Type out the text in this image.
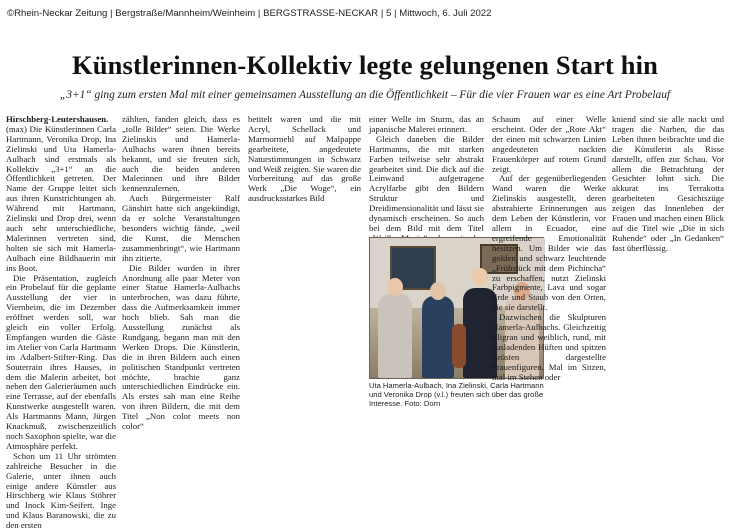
©Rhein-Neckar Zeitung | Bergstraße/Mannheim/Weinheim | BERGSTRASSE-NECKAR | 5 | Mittwoch, 6. Juli 2022
Künstlerinnen-Kollektiv legte gelungenen Start hin
„3+1“ ging zum ersten Mal mit einer gemeinsamen Ausstellung an die Öffentlichkeit – Für die vier Frauen war es eine Art Probelauf

Hirschberg-Leutershausen. (max) Die Künstlerinnen Carla Hartmann, Veronika Drop, Ina Zielinski und Uta Hamerla-Aulbach sind erstmals als Kollektiv „3+1“ an die Öffentlichkeit getreten. Der Name der Gruppe leitet sich aus ihren Kunstrichtungen ab. Während mit Hartmann, Zielinski und Drop drei, wenn auch sehr unterschiedliche, Malerinnen vertreten sind, holten sie sich mit Hamerla-Aulbach eine Bildhauerin mit ins Boot.

Die Präsentation, zugleich ein Probelauf für die geplante Ausstellung der vier in Viernheim, die im Dezember eröffnet werden soll, war gleich ein voller Erfolg. Empfangen wurden die Gäste im Atelier von Carla Hartmann im Adalbert-Stifter-Ring. Das Souterrain ihres Hauses, in dem die Malerin arbeitet, bot neben den Galerieräumen auch eine Terrasse, auf der ebenfalls Kunstwerke ausgestellt waren. Als Hartmanns Mann, Jürgen Knackmuß, zwischenzeitlich noch Saxophon spielte, war die Atmosphäre perfekt.

Schon um 11 Uhr strömten zahlreiche Besucher in die Galerie, unter ihnen auch einige andere Künstler aus Hirschberg wie Klaus Stöhrer und Inock Kim-Seifert. Inge und Klaus Baranowski, die zu den ersten

zählten, fanden gleich, dass es „tolle Bilder“ seien. Die Werke Zielinskis und Hamerla-Aulbachs waren ihnen bereits bekannt, und sie freuten sich, auch die beiden anderen Malerinnen und ihre Bilder kennenzulernen.

Auch Bürgermeister Ralf Gänshirt hatte sich angekündigt, da er solche Veranstaltungen besonders wichtig fände, „weil die Kunst, die Menschen zusammenbringt“, wie Hartmann ihn zitierte.

Die Bilder wurden in ihrer Anordnung alle paar Meter von einer Statue Hamerla-Aulbachs unterbrochen, was dazu führte, dass die Aufmerksamkeit immer hoch blieb. Sah man die Ausstellung zunächst als Rundgang, begann man mit den Werken Drops. Die Künstlerin, die in ihren Bildern auch einen politischen Standpunkt vertreten möchte, brachte ganz unterschiedlichen Eindrücke ein. Als erstes sah man eine Reihe von ihren Bildern, die mit dem Titel „Non color meets non color“

betitelt waren und die mit Acryl, Schellack und Marmormehl auf Malpappe gearbeitete, angedeutete Naturstimmungen in Schwarz und Weiß zeigten. Sie waren die Vorbereitung auf das große Werk „Die Woge“, ein ausdrucksstarkes Bild

einer Welle im Sturm, das an japanische Malerei erinnert.

Gleich daneben die Bilder Hartmanns, die mit starken Farben teilweise sehr abstrakt gearbeitet sind. Die dick auf die Leinwand aufgetragene Acrylfarbe gibt den Bildern Struktur und Dreidimensionalität und lässt sie dynamisch erscheinen. So auch bei dem Bild mit dem Titel

Uta Hamerla-Aulbach, Ina Zielinski, Carla Hartmann und Veronika Drop (v.l.) freuten sich über das große Interesse. Foto: Dorn

Schaum auf einer Welle erscheint. Oder der „Rote Akt“ der einen mit schwarzen Linien angedeuteten nackten Frauenkörper auf rotem Grund zeigt.

Auf der gegenüberliegenden Wand waren die Werke Zielinskis ausgestellt, deren abstrahierte Erinnerungen aus dem Leben der Künstlerin, vor allem in Ecuador, eine ergreifende Emotionalität besitzen. Um Bilder wie das golden und schwarz leuchtende „Frühstück mit dem Pichincha“ zu erschaffen, nutzt Zielinski Farbpigmente, Lava und sogar Erde und Staub von den Orten, die sie darstellt.

Dazwischen die Skulpturen Hamerla-Aulbachs. Gleichzeitig filigran und weiblich, rund, mit ausladenden Hüften und spitzen Brüsten dargestellte Frauenfiguren. Mal im Sitzen, mal im Stehen oder

kniend sind sie alle nackt und tragen die Narben, die das Leben ihnen beibrachte und die die Künstlerin als Risse darstellt, offen zur Schau. Vor allem die Betrachtung der Gesichter lohnt sich. Die akkurat ins Terrakotta gearbeiteten Gesichtszüge zeigen das Innenleben der Frauen und machen einen Blick auf die Titel wie „Die in sich Ruhende“ oder „In Gedanken“ fast überflüssig.
